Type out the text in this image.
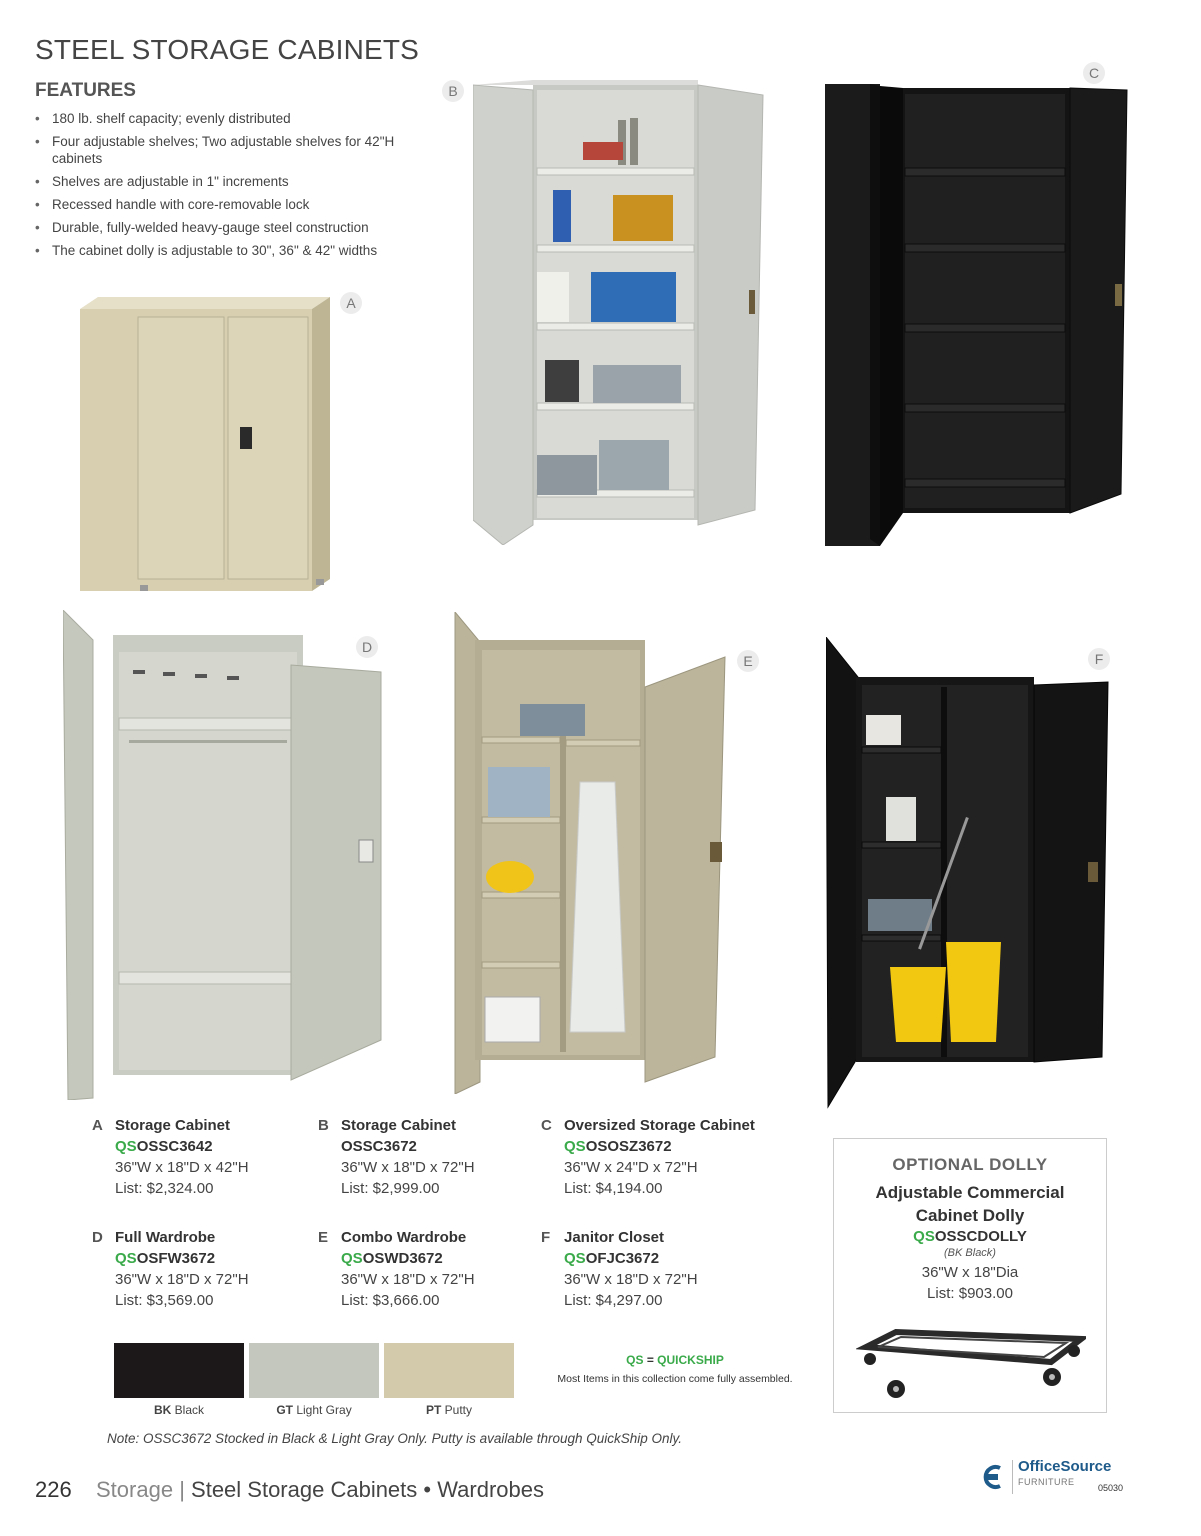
STEEL STORAGE CABINETS
FEATURES
• 180 lb. shelf capacity; evenly distributed
• Four adjustable shelves; Two adjustable shelves for 42"H cabinets
• Shelves are adjustable in 1" increments
• Recessed handle with core-removable lock
• Durable, fully-welded heavy-gauge steel construction
• The cabinet dolly is adjustable to 30", 36" & 42" widths
A
B
C
D
E	F
A Storage Cabinet
QSOSSC3642
36"W x 18"D x 42"H
List: $2,324.00
B Storage Cabinet
OSSC3672
36"W x 18"D x 72"H
List: $2,999.00
C Oversized Storage Cabinet
QSOSOSZ3672
36"W x 24"D x 72"H
List: $4,194.00
D Full Wardrobe
QSOSFW3672
36"W x 18"D x 72"H
List: $3,569.00
E Combo Wardrobe
QSOSWD3672
36"W x 18"D x 72"H
List: $3,666.00
F Janitor Closet
QSOFJC3672
36"W x 18"D x 72"H
List: $4,297.00
OPTIONAL DOLLY
Adjustable Commercial
Cabinet Dolly
QSOSSCDOLLY
(BK Black)
36"W x 18"Dia
List: $903.00
BK Black	GT Light Gray	PT Putty
QS = QUICKSHIP
Most Items in this collection come fully assembled.
Note: OSSC3672 Stocked in Black & Light Gray Only. Putty is available through QuickShip Only.
226 Storage | Steel Storage Cabinets • Wardrobes
OfficeSource
FURNITURE
05030
